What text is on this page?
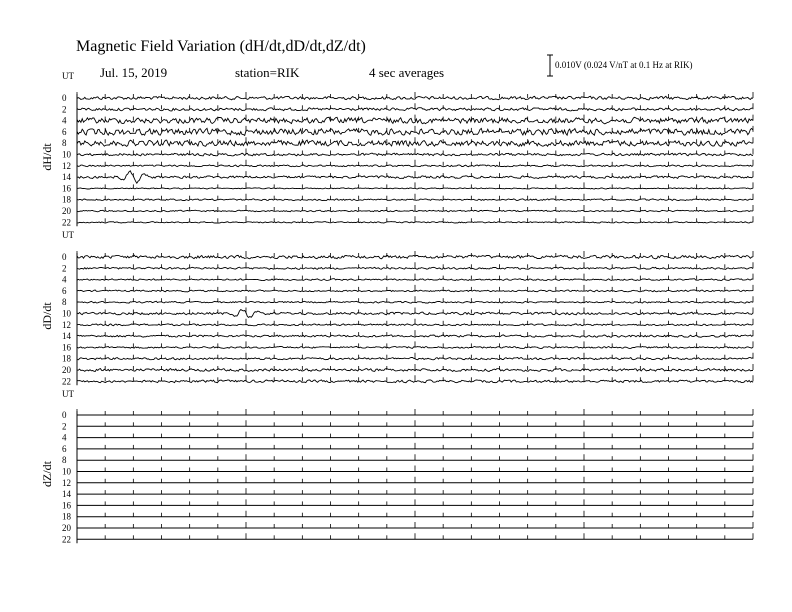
Magnetic Field Variation (dH/dt,dD/dt,dZ/dt)
Jul. 15, 2019	station=RIK	4 sec averages	0.010V (0.024 V/nT at 0.1 Hz at RIK)
UT
dH/dt
0
2
4
6
8
10
12
14
16
18
20
22
UT
dD/dt
0
2
4
6
8
10
12
14
16
18
20
22
UT
dZ/dt
0
2
4
6
8
10
12
14
16
18
20
22
